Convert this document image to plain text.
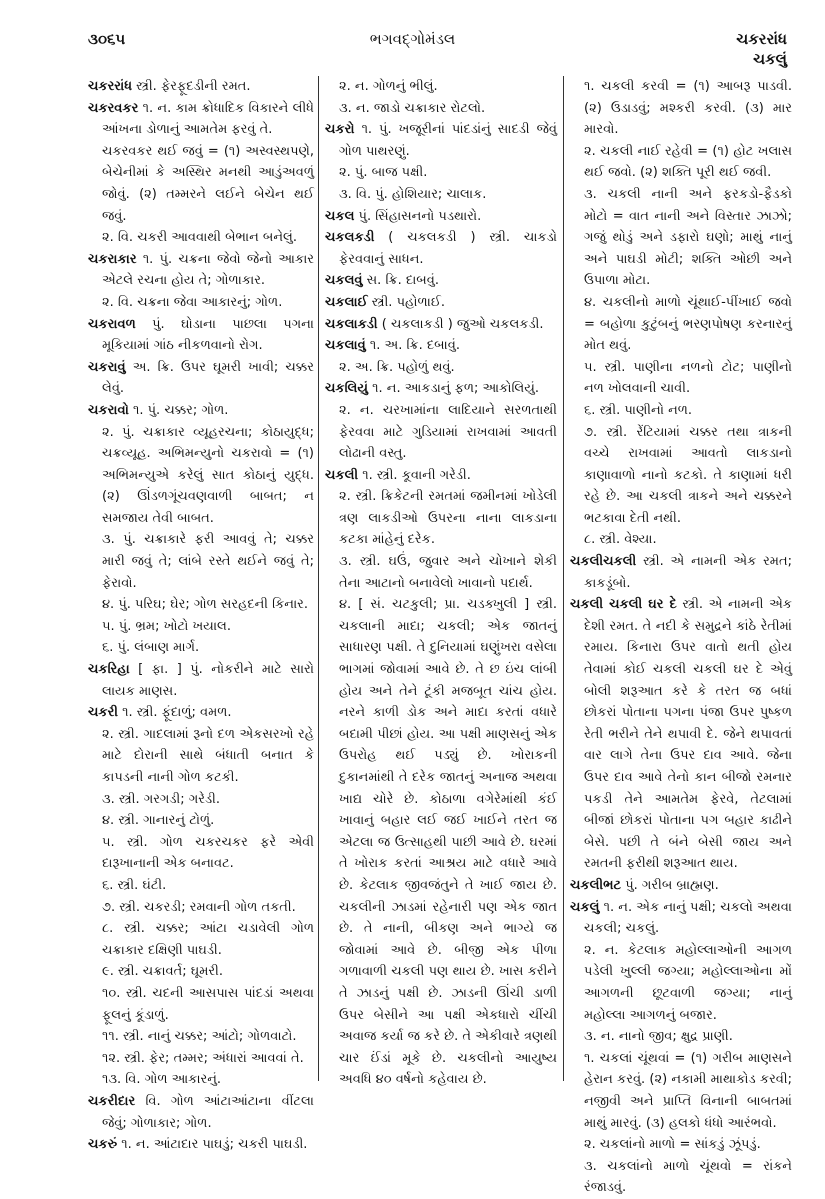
૩૦૬૫	ભગવદ્ગોમંડલ	ચકરરાંધ
ચકલું

ચકરરાંધ સ્ત્રી. ફેરફૂદડીની રમત.

ચકરવકર ૧. ન. કામ ક્રોધાદિક વિકારને લીધે આંખના ડોળાનું આમતેમ ફરવું તે.

ચકરવકર થઈ જવું = (૧) અસ્વસ્થપણે, બેચેનીમાં કે અસ્થિર મનથી આડુંઅવળું જોવું. (૨) તમ્મરને લઈને બેચેન થઈ જવું.

૨. વિ. ચકરી આવવાથી બેભાન બનેલું.

ચકરાકાર ૧. પું. ચક્રના જેવો જેનો આકાર એટલે રચના હોય તે; ગોળાકાર.

૨. વિ. ચક્રના જેવા આકારનું; ગોળ.

ચકરાવળ પું. ઘોડાના પાછલા પગના મૂકિયામાં ગાંઠ નીકળવાનો રોગ.

ચકરાવું અ. ક્રિ. ઉપર ઘૂમરી ખાવી; ચક્કર લેવું.

ચકરાવો ૧. પું. ચક્કર; ગોળ.

૨. પું. ચક્રાકાર વ્યૂહરચના; કોઠાયુદ્ધ; ચક્રવ્યૂહ. અભિમન્યુનો ચકરાવો = (૧) અભિમન્યુએ કરેલું સાત કોઠાનું યુદ્ધ. (૨) ઊંડળગૂંચવણવાળી બાબત; ન સમજાય તેવી બાબત.

૩. પું. ચક્રાકારે ફરી આવવું તે; ચક્કર મારી જવું તે; લાંબે રસ્તે થઈને જવું તે; ફેરાવો.

૪. પું. પરિઘ; ઘેર; ગોળ સરહદની કિનાર.

૫. પું. ભ્રમ; ખોટો ખયાલ.

૬. પું. લંબાણ માર્ગ.

ચકરિહા [ ફા. ] પું. નોકરીને માટે સારો લાયક માણસ.

ચકરી ૧. સ્ત્રી. ફૂંદાળું; વમળ.

૨. સ્ત્રી. ગાદલામાં રૂનો દળ એકસરખો રહે માટે દોરાની સાથે બંધાતી બનાત કે કાપડની નાની ગોળ કટકી.

૩. સ્ત્રી. ગરગડી; ગરેડી.

૪. સ્ત્રી. ગાનારનું ટોળું.

૫. સ્ત્રી. ગોળ ચકરચકર ફરે એવી દારૂખાનાની એક બનાવટ.

૬. સ્ત્રી. ઘંટી.

૭. સ્ત્રી. ચકરડી; રમવાની ગોળ તકતી.

૮. સ્ત્રી. ચક્કર; આંટા ચડાવેલી ગોળ ચક્રાકાર દક્ષિણી પાઘડી.

૯. સ્ત્રી. ચક્રાવર્ત; ઘૂમરી.

૧૦. સ્ત્રી. ચદની આસપાસ પાંદડાં અથવા ફૂલનું કૂંડાળું.

૧૧. સ્ત્રી. નાનું ચક્કર; આંટો; ગોળવાટો.

૧૨. સ્ત્રી. ફેર; તમ્મર; અંધારાં આવવાં તે.

૧૩. વિ. ગોળ આકારનું.

ચકરીદાર વિ. ગોળ આંટાઆંટાના વીંટલા જેવું; ગોળાકાર; ગોળ.

ચકરું ૧. ન. આંટાદાર પાઘડું; ચકરી પાઘડી.

૨. ન. ગોળનું ભીલું.

૩. ન. જાડો ચક્રાકાર રોટલો.

ચકરો ૧. પું. ખજૂરીનાં પાંદડાંનું સાદડી જેવું ગોળ પાથરણું.

૨. પું. બાજ પક્ષી.

૩. વિ. પું. હોશિયાર; ચાલાક.

ચકલ પું. સિંહાસનનો પડથારો.

ચકલકડી ( ચકલકડી ) સ્ત્રી. ચાકડો ફેરવવાનું સાધન.

ચકલવું સ. ક્રિ. દાબવું.

ચકલાઈ સ્ત્રી. પહોળાઈ.

ચકલાકડી ( ચકલાકડી ) જુઓ ચકલકડી.

ચકલાવું ૧. અ. ક્રિ. દબાવું.

૨. અ. ક્રિ. પહોળું થવું.

ચકલિયું ૧. ન. આકડાનું ફળ; આકોલિયું.

૨. ન. ચરખામાંના લાદિયાને સરળતાથી ફેરવવા માટે ગુડિયામાં રાખવામાં આવતી લોઢાની વસ્તુ.

ચકલી ૧. સ્ત્રી. કૂવાની ગરેડી.

૨. સ્ત્રી. ક્રિકેટની રમતમાં જમીનમાં ખોડેલી ત્રણ લાકડીઓ ઉપરના નાના લાકડાના કટકા માંહેનું દરેક.

૩. સ્ત્રી. ઘઉં, જુવાર અને ચોખાને શેકી તેના આટાનો બનાવેલો ખાવાનો પદાર્થ.

૪. [ સં. ચટકુલી; પ્રા. ચડક્ખુલી ] સ્ત્રી. ચકલાની માદા; ચકલી; એક જાતનું સાધારણ પક્ષી. તે દુનિયામાં ઘણુંખરા વસેલા ભાગમાં જોવામાં આવે છે. તે છ ઇંચ લાંબી હોય અને તેને ટૂંકી મજબૂત ચાંચ હોય. નરને કાળી ડોક અને માદા કરતાં વધારે બદામી પીછાં હોય. આ પક્ષી માણસનું એક ઉપરોહ થઈ પડ્યું છે. ખોરાકની દુકાનમાંથી તે દરેક જાતનું અનાજ અથવા ખાદ્ય ચોરે છે. કોઠાળા વગેરેમાંથી કંઈ ખાવાનું બહાર લઈ જઈ ખાઈને તરત જ એટલા જ ઉત્સાહથી પાછી આવે છે. ઘરમાં તે ખોરાક કરતાં આશ્રય માટે વધારે આવે છે. કેટલાક જીવજંતુને તે ખાઈ જાય છે. ચકલીની ઝાડમાં રહેનારી પણ એક જાત છે. તે નાની, બીકણ અને ભાગ્યે જ જોવામાં આવે છે. બીજી એક પીળા ગળાવાળી ચકલી પણ થાય છે. ખાસ કરીને તે ઝાડનું પક્ષી છે. ઝાડની ઊંચી ડાળી ઉપર બેસીને આ પક્ષી એકધારો ચીંચી અવાજ કર્યા જ કરે છે. તે એકીવારે ત્રણથી ચાર ઈંડાં મૂકે છે. ચકલીનો આયુષ્ય અવધિ ૪૦ વર્ષનો કહેવાય છે.

૧. ચકલી કરવી = (૧) આબરૂ પાડવી. (૨) ઉડાડવું; મશ્કરી કરવી. (૩) માર મારવો.

૨. ચકલી નાઈ રહેવી = (૧) હોટ ખલાસ થઈ જવો. (૨) શક્તિ પૂરી થઈ જવી.

૩. ચકલી નાની અને ફરકડો-ફૈડકો મોટો = વાત નાની અને વિસ્તાર ઝાઝો; ગજું થોડું અને ડફારો ઘણો; માથું નાનું અને પાઘડી મોટી; શક્તિ ઓછી અને ઉપાળા મોટા.

૪. ચકલીનો માળો ચૂંથાઈ-પીંખાઈ જવો = બહોળા કુટુંબનું ભરણપોષણ કરનારનું મોત થવું.

૫. સ્ત્રી. પાણીના નળનો ટોટ; પાણીનો નળ ખોલવાની ચાવી.

૬. સ્ત્રી. પાણીનો નળ.

૭. સ્ત્રી. રેંટિયામાં ચક્કર તથા ત્રાકની વચ્ચે રાખવામાં આવતો લાકડાનો કાણાવાળો નાનો કટકો. તે કાણામાં ધરી રહે છે. આ ચકલી ત્રાકને અને ચક્કરને ભટકાવા દેતી નથી.

૮. સ્ત્રી. વેશ્યા.

ચકલીચકલી સ્ત્રી. એ નામની એક રમત; કાકડૂંબો.

ચકલી ચકલી ઘર દે સ્ત્રી. એ નામની એક દેશી રમત. તે નદી કે સમુદ્રને કાંઠે રેતીમાં રમાય. કિનારા ઉપર વાતો થતી હોય તેવામાં કોઈ ચકલી ચકલી ઘર દે એવું બોલી શરૂઆત કરે કે તરત જ બધાં છોકરાં પોતાના પગના પંજા ઉપર પુષ્કળ રેતી ભરીને તેને થપાવી દે. જેને થપાવતાં વાર લાગે તેના ઉપર દાવ આવે. જેના ઉપર દાવ આવે તેનો કાન બીજો રમનાર પકડી તેને આમતેમ ફેરવે, તેટલામાં બીજાં છોકરાં પોતાના પગ બહાર કાઢીને બેસે. પછી તે બંને બેસી જાય અને રમતની ફરીથી શરૂઆત થાય.

ચકલીભટ પું. ગરીબ બ્રાહ્મણ.

ચકલું ૧. ન. એક નાનું પક્ષી; ચકલો અથવા ચકલી; ચકલું.

૨. ન. કેટલાક મહોલ્લાઓની આગળ પડેલી ખુલ્લી જગ્યા; મહોલ્લાઓના મોં આગળની છૂટવાળી જગ્યા; નાનું મહોલ્લા આગળનું બજાર.

૩. ન. નાનો જીવ; ક્ષુદ્ર પ્રાણી.

૧. ચકલાં ચૂંથવાં = (૧) ગરીબ માણસને હેરાન કરવું. (૨) નકામી માથાકોડ કરવી; નજીવી અને પ્રાપ્તિ વિનાની બાબતમાં માથું મારવું. (૩) હલકો ધંધો આરંભવો.

૨. ચકલાંનો માળો = સાંકડું ઝૂંપડું.

૩. ચકલાંનો માળો ચૂંથવો = રાંકને રંજાડવું.
